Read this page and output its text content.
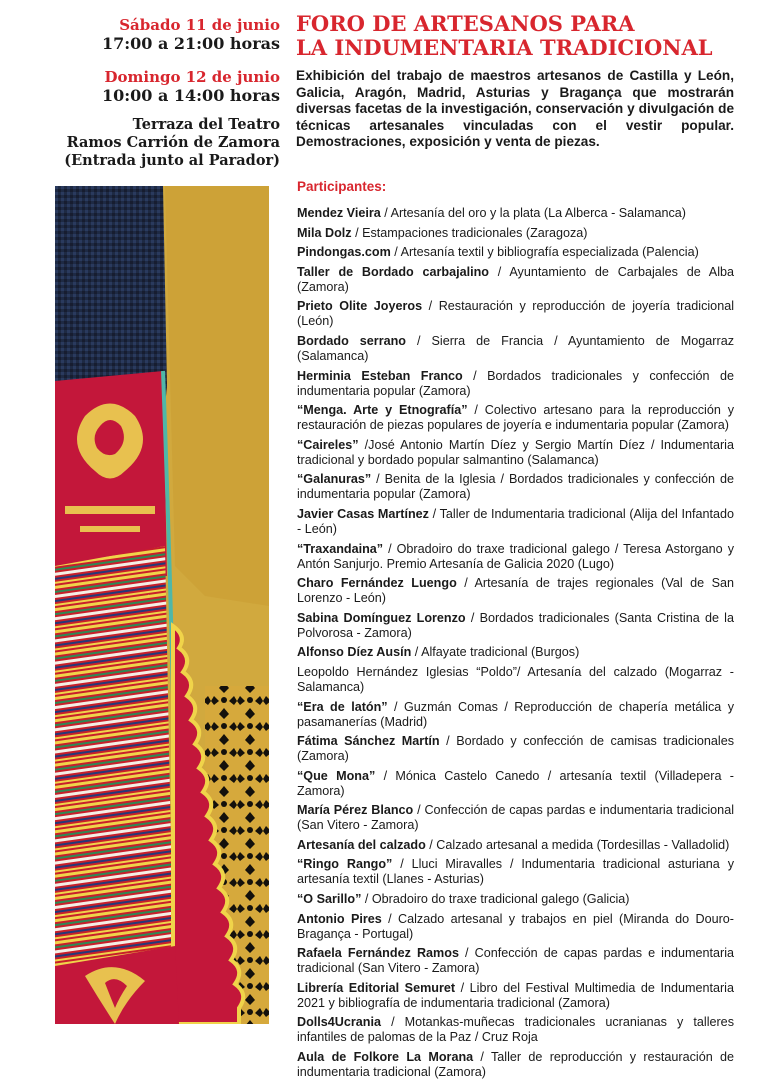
Sábado 11 de junio
17:00 a 21:00 horas
Domingo 12 de junio
10:00 a 14:00 horas
Terraza del Teatro
Ramos Carrión de Zamora
(Entrada junto al Parador)
FORO DE ARTESANOS PARA
LA INDUMENTARIA TRADICIONAL
Exhibición del trabajo de maestros artesanos de Castilla y León, Galicia, Aragón, Madrid, Asturias y Bragança que mostrarán diversas facetas de la investigación, conservación y divulgación de técnicas artesanales vinculadas con el vestir popular. Demostraciones, exposición y venta de piezas.
Participantes:
Mendez Vieira / Artesanía del oro y la plata (La Alberca - Salamanca)
Mila Dolz / Estampaciones tradicionales (Zaragoza)
Pindongas.com / Artesanía textil y bibliografía especializada (Palencia)
Taller de Bordado carbajalino / Ayuntamiento de Carbajales de Alba (Zamora)
Prieto Olite Joyeros / Restauración y reproducción de joyería tradicional (León)
Bordado serrano / Sierra de Francia / Ayuntamiento de Mogarraz (Salamanca)
Herminia Esteban Franco / Bordados tradicionales y confección de indumentaria popular (Zamora)
“Menga. Arte y Etnografía” / Colectivo artesano para la reproducción y restauración de piezas populares de joyería e indumentaria popular (Zamora)
“Caireles” /José Antonio Martín Díez y Sergio Martín Díez / Indumentaria tradicional y bordado popular salmantino (Salamanca)
“Galanuras” / Benita de la Iglesia / Bordados tradicionales y confección de indumentaria popular (Zamora)
Javier Casas Martínez / Taller de Indumentaria tradicional (Alija del Infantado - León)
“Traxandaina” / Obradoiro do traxe tradicional galego / Teresa Astorgano y Antón Sanjurjo. Premio Artesanía de Galicia 2020 (Lugo)
Charo Fernández Luengo / Artesanía de trajes regionales (Val de San Lorenzo - León)
Sabina Domínguez Lorenzo / Bordados tradicionales (Santa Cristina de la Polvorosa - Zamora)
Alfonso Díez Ausín / Alfayate tradicional (Burgos)
Leopoldo Hernández Iglesias “Poldo”/ Artesanía del calzado (Mogarraz - Salamanca)
“Era de latón” / Guzmán Comas / Reproducción de chapería metálica y pasamanerías (Madrid)
Fátima Sánchez Martín / Bordado y confección de camisas tradicionales (Zamora)
“Que Mona” / Mónica Castelo Canedo / artesanía textil (Villadepera - Zamora)
María Pérez Blanco / Confección de capas pardas e indumentaria tradicional (San Vitero - Zamora)
Artesanía del calzado / Calzado artesanal a medida (Tordesillas - Valladolid)
“Ringo Rango” / Lluci Miravalles / Indumentaria tradicional asturiana y artesanía textil (Llanes - Asturias)
“O Sarillo” / Obradoiro do traxe tradicional galego (Galicia)
Antonio Pires / Calzado artesanal y trabajos en piel (Miranda do Douro-Bragança - Portugal)
Rafaela Fernández Ramos / Confección de capas pardas e indumentaria tradicional (San Vitero - Zamora)
Librería Editorial Semuret / Libro del Festival Multimedia de Indumentaria 2021 y bibliografía de indumentaria tradicional (Zamora)
Dolls4Ucrania / Motankas-muñecas tradicionales ucranianas y talleres infantiles de palomas de la Paz / Cruz Roja
Aula de Folkore La Morana / Taller de reproducción y restauración de indumentaria tradicional (Zamora)
